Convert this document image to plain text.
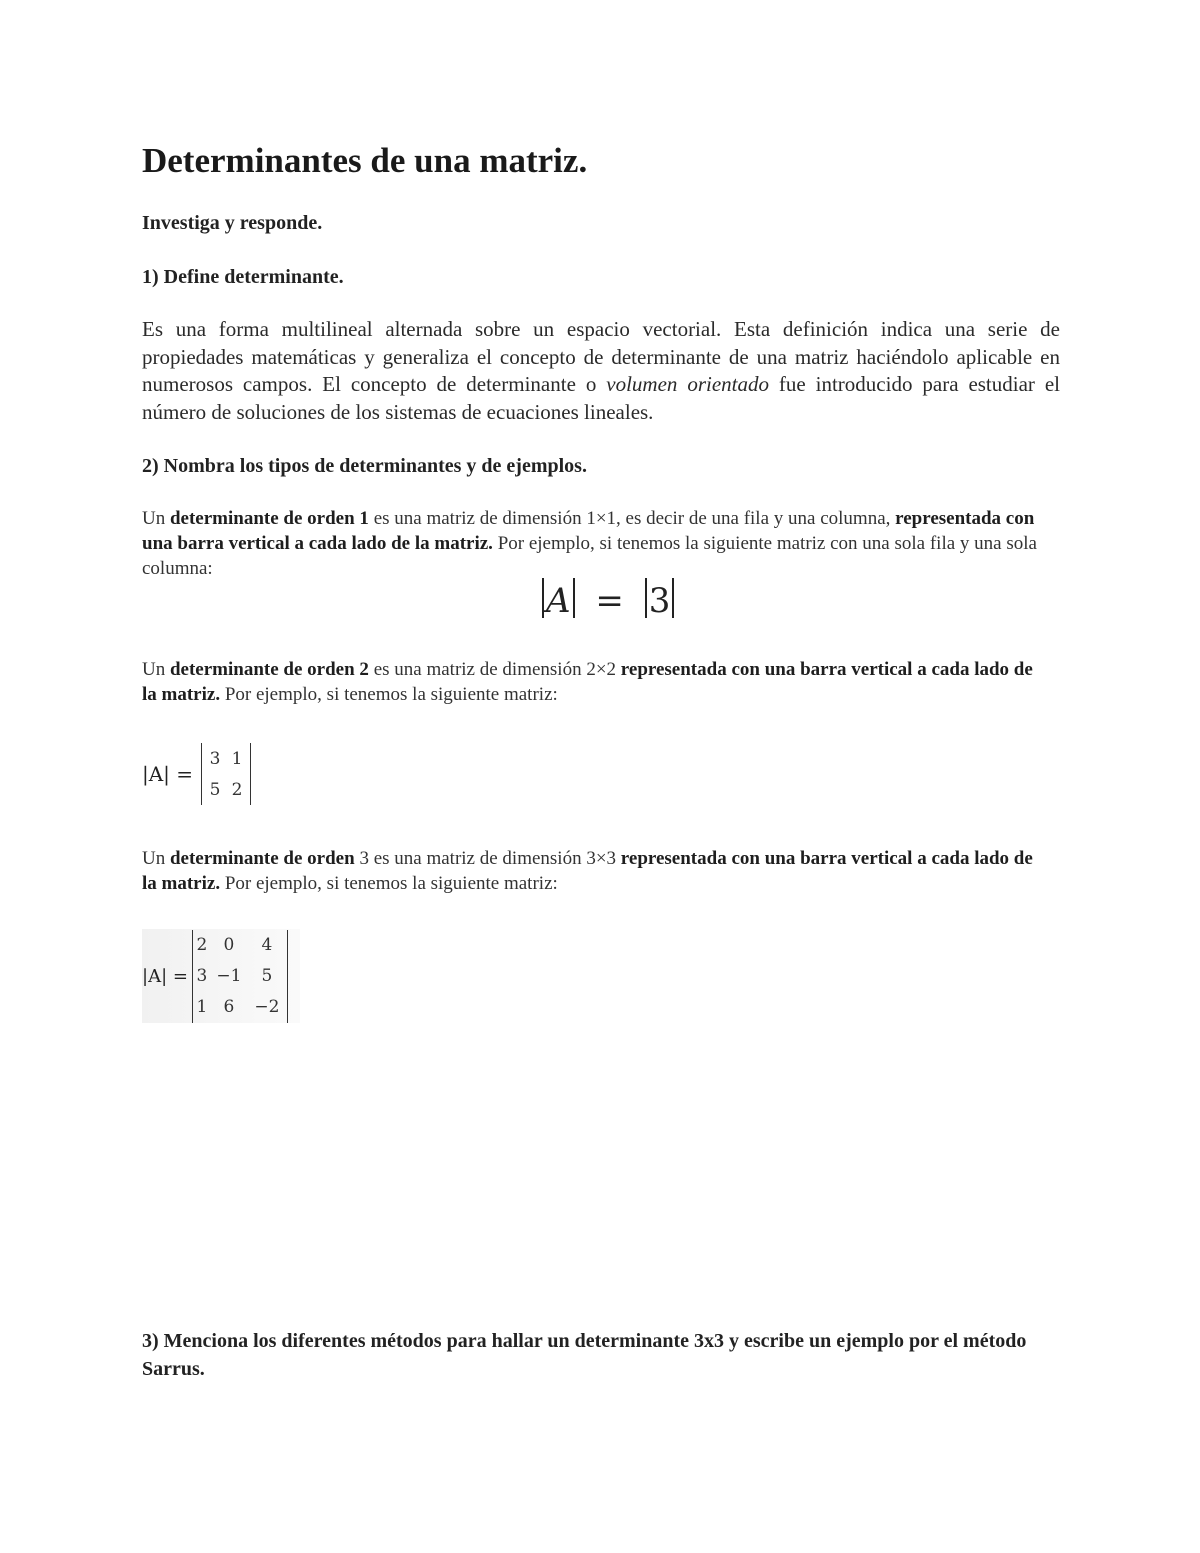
Determinantes de una matriz.

Investiga y responde.

1) Define determinante.

Es una forma multilineal alternada sobre un espacio vectorial. Esta definición indica una serie de propiedades matemáticas y generaliza el concepto de determinante de una matriz haciéndolo aplicable en numerosos campos. El concepto de determinante o volumen orientado fue introducido para estudiar el número de soluciones de los sistemas de ecuaciones lineales.

2) Nombra los tipos de determinantes y de ejemplos.

Un determinante de orden 1 es una matriz de dimensión 1×1, es decir de una fila y una columna, representada con una barra vertical a cada lado de la matriz. Por ejemplo, si tenemos la siguiente matriz con una sola fila y una sola columna:

A = 3

Un determinante de orden 2 es una matriz de dimensión 2×2 representada con una barra vertical a cada lado de la matriz. Por ejemplo, si tenemos la siguiente matriz:

|A| =
3	1
5	2

Un determinante de orden 3 es una matriz de dimensión 3×3 representada con una barra vertical a cada lado de la matriz. Por ejemplo, si tenemos la siguiente matriz:

|A| =
2	0	4
3	−1	5
1	6	−2

3) Menciona los diferentes métodos para hallar un determinante 3x3 y escribe un ejemplo por el método Sarrus.
